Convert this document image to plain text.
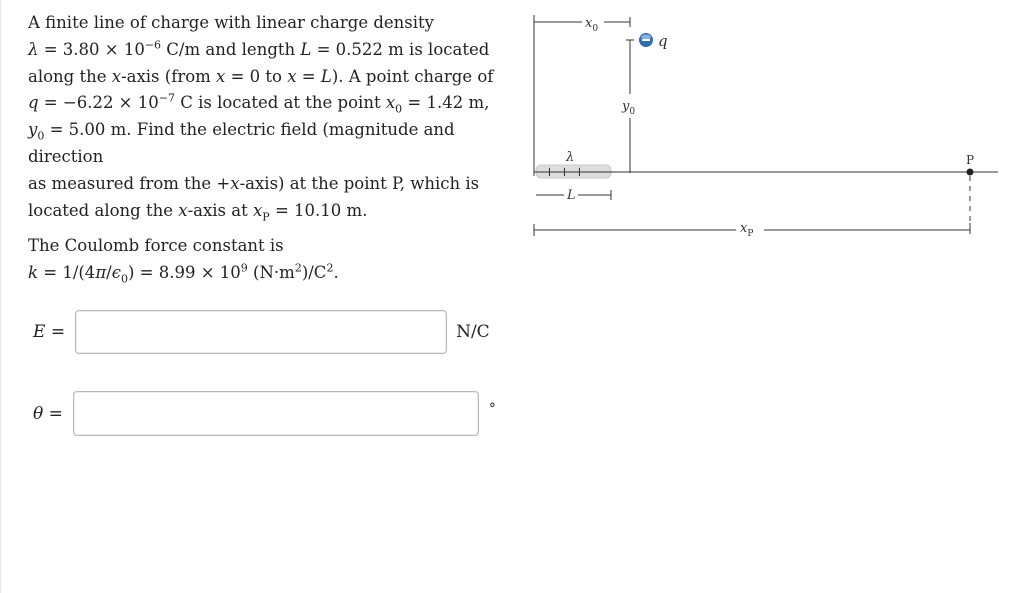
A finite line of charge with linear charge density

$\lambda = 3.80 \times 10^{-6}$ C/m and length L = 0.522 m is located

along the x-axis (from x = 0 to x = L). A point charge of

$q = -6.22 \times 10^{-7}$ C is located at the point $x_0 = 1.42$ m,

$y_0 = 5.00$ m. Find the electric field (magnitude and direction

as measured from the +x-axis) at the point P, which is

located along the x-axis at $x_P = 10.10$ m.

The Coulomb force constant is

$k = 1/(4\pi/\epsilon_0) = 8.99 \times 10^9$ $(N\cdot m^2)/C^2$.

E =	N/C
θ =	°
$x_0$
q
$y_0$
λ
+ + +
P
L
$x_P$
